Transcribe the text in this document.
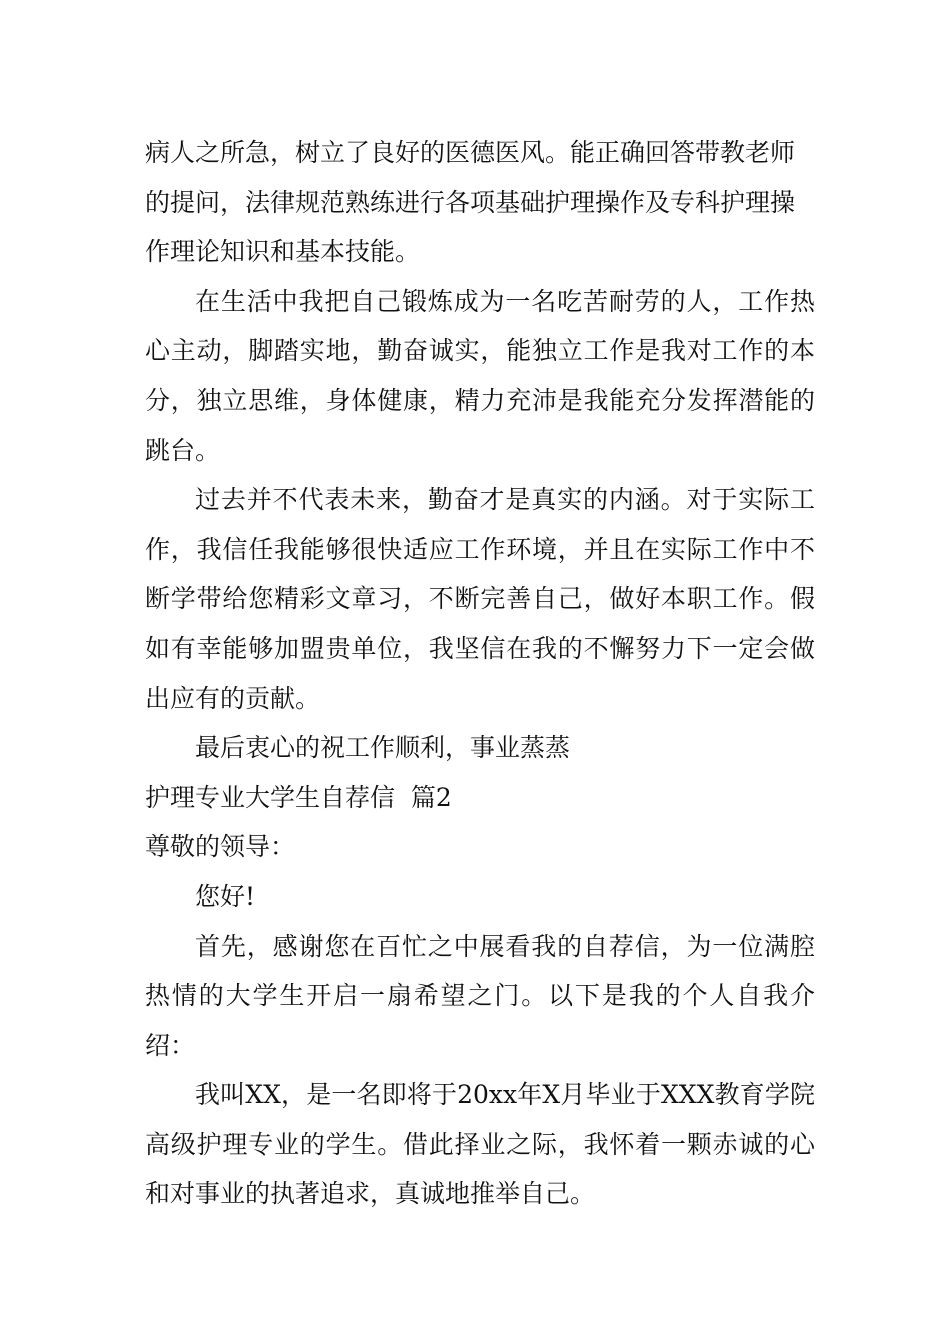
病人之所急，树立了良好的医德医风。能正确回答带教老师的提问，法律规范熟练进行各项基础护理操作及专科护理操作理论知识和基本技能。

在生活中我把自己锻炼成为一名吃苦耐劳的人，工作热心主动，脚踏实地，勤奋诚实，能独立工作是我对工作的本分，独立思维，身体健康，精力充沛是我能充分发挥潜能的跳台。

过去并不代表未来，勤奋才是真实的内涵。对于实际工作，我信任我能够很快适应工作环境，并且在实际工作中不断学带给您精彩文章习，不断完善自己，做好本职工作。假如有幸能够加盟贵单位，我坚信在我的不懈努力下一定会做出应有的贡献。

最后衷心的祝工作顺利，事业蒸蒸

护理专业大学生自荐信  篇2

尊敬的领导：

您好!

首先，感谢您在百忙之中展看我的自荐信，为一位满腔热情的大学生开启一扇希望之门。以下是我的个人自我介绍：

我叫XX，是一名即将于20xx年X月毕业于XXX教育学院高级护理专业的学生。借此择业之际，我怀着一颗赤诚的心和对事业的执著追求，真诚地推举自己。
